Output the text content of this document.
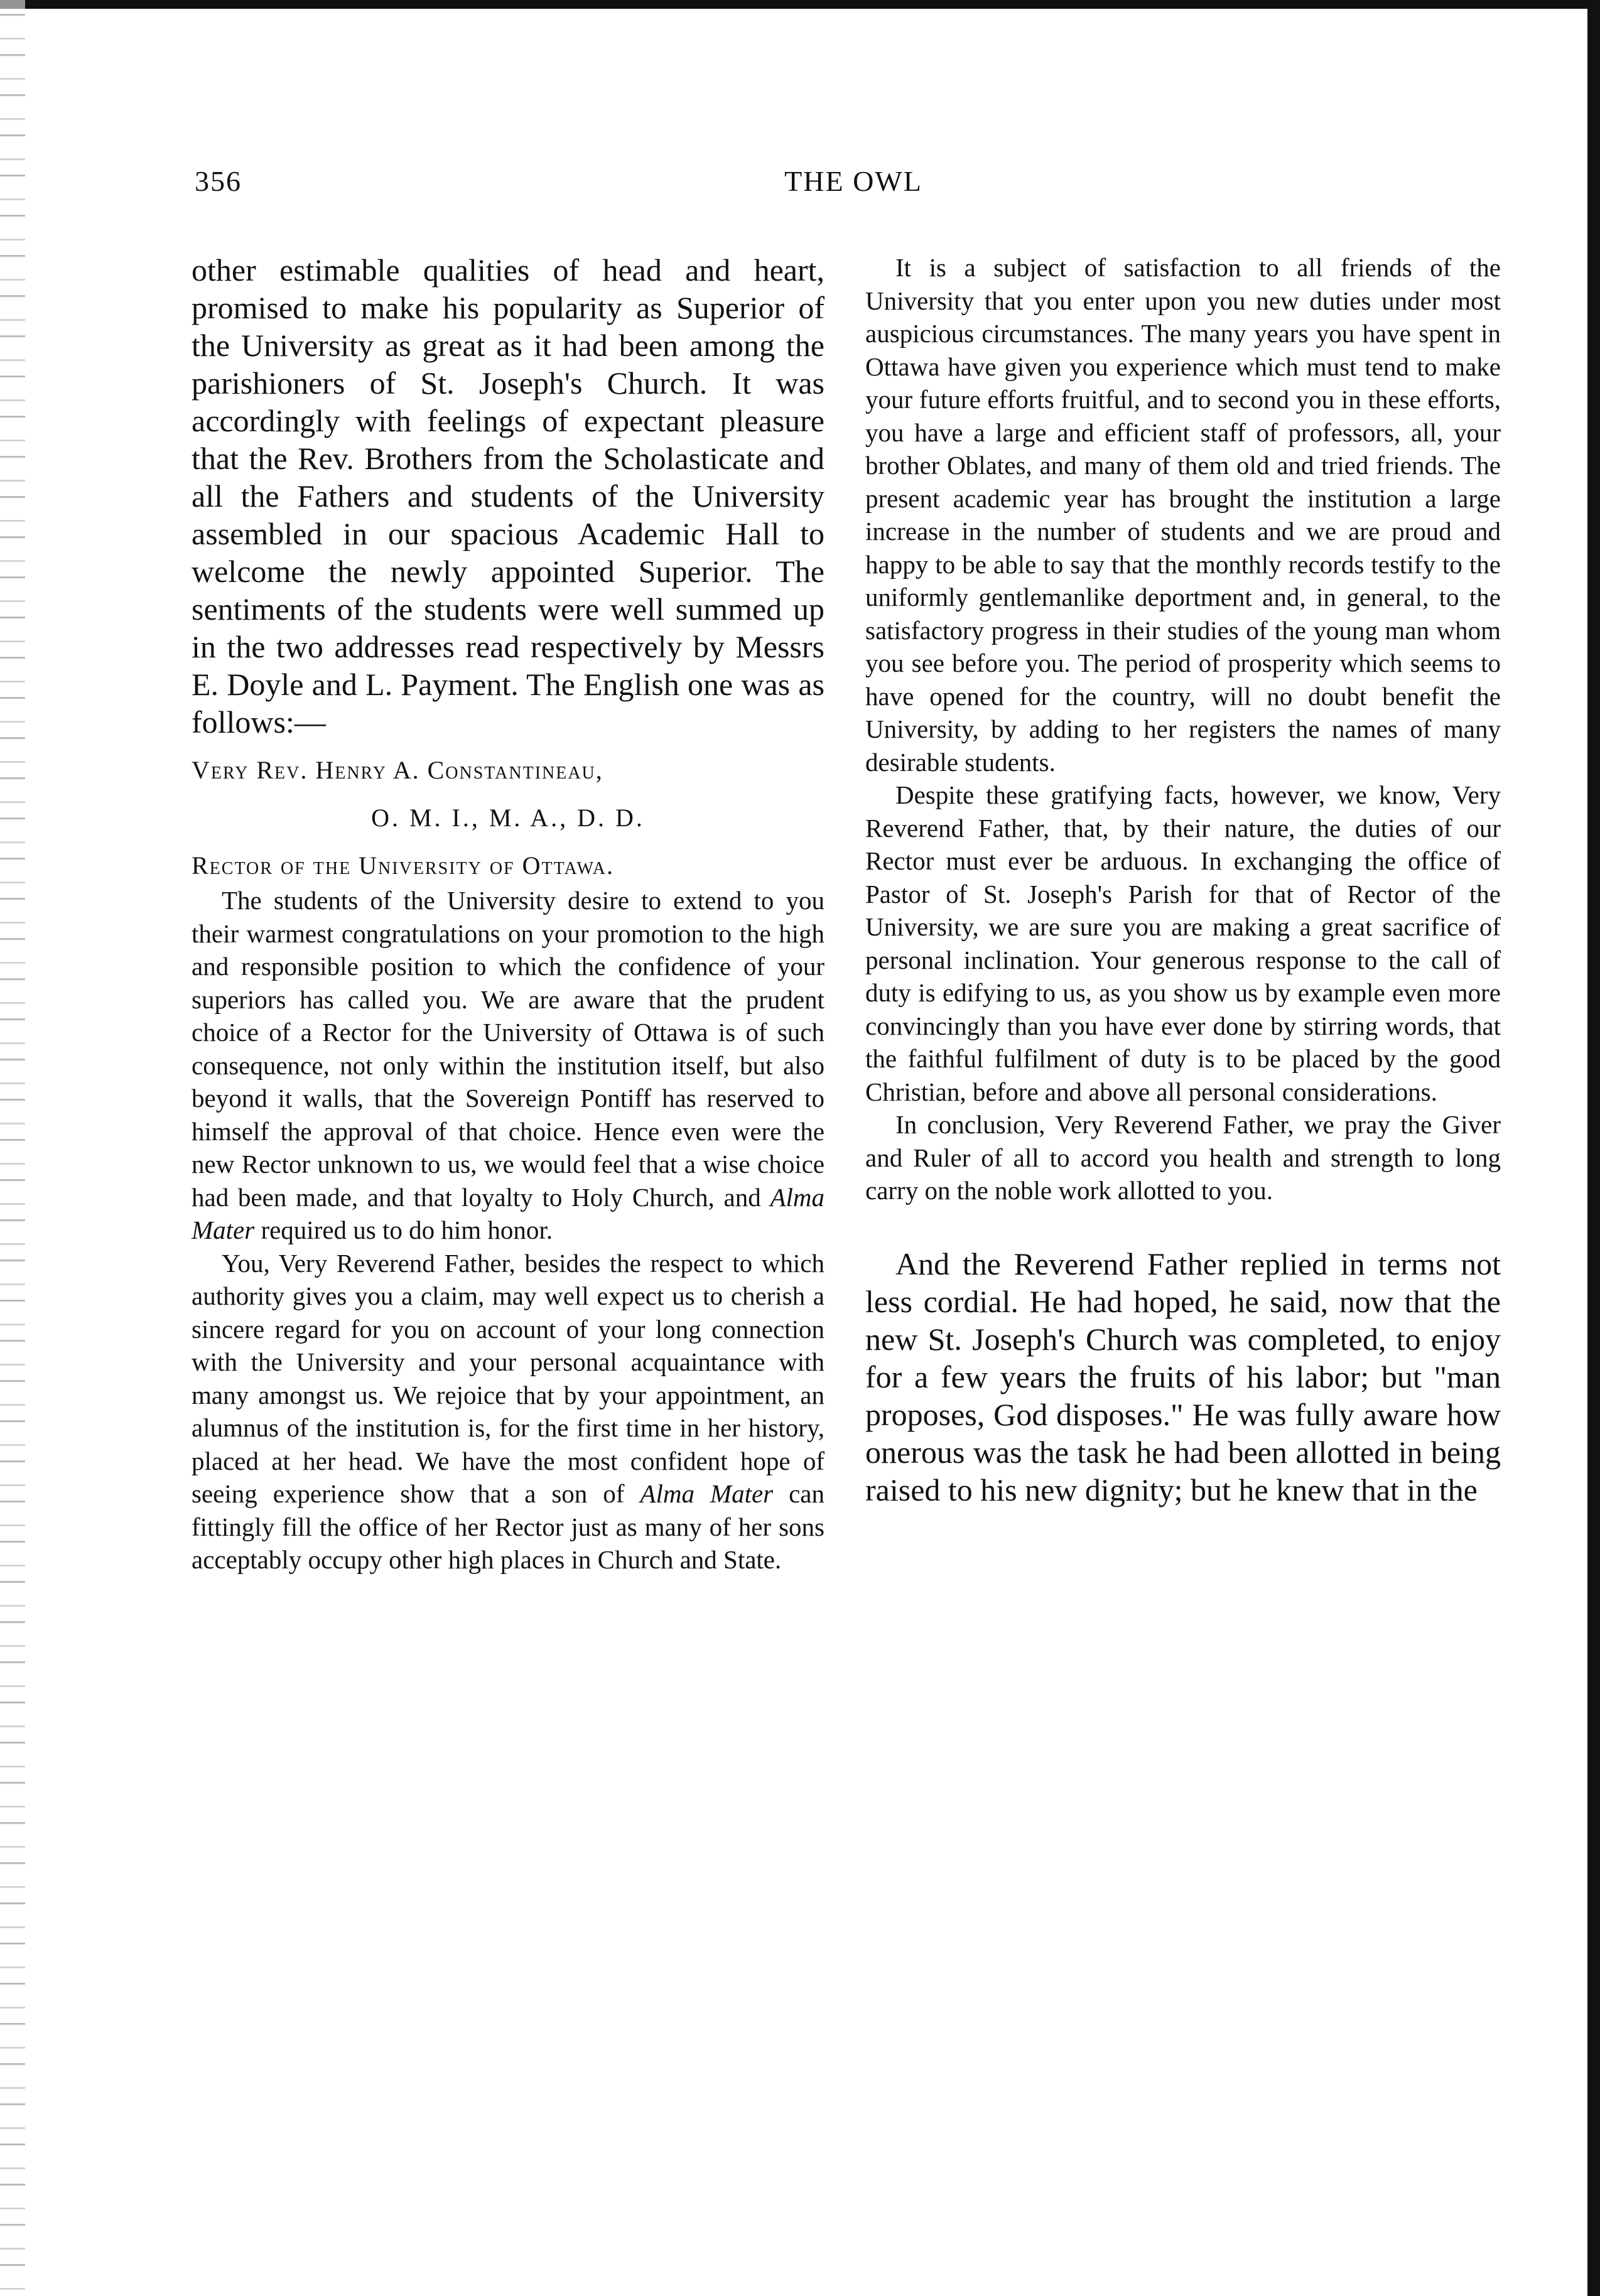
356	THE OWL

other estimable qualities of head and heart, promised to make his popularity as Superior of the University as great as it had been among the parishioners of St. Joseph's Church. It was accordingly with feelings of expectant pleasure that the Rev. Brothers from the Scholasticate and all the Fathers and students of the University assembled in our spacious Academic Hall to welcome the newly appointed Superior. The sentiments of the students were well summed up in the two addresses read respectively by Messrs E. Doyle and L. Payment. The English one was as follows:—

Very Rev. Henry A. Constantineau,
O. M. I., M. A., D. D.
Rector of the University of Ottawa.

The students of the University desire to extend to you their warmest congratulations on your promotion to the high and responsible position to which the confidence of your superiors has called you. We are aware that the prudent choice of a Rector for the University of Ottawa is of such consequence, not only within the institution itself, but also beyond it walls, that the Sovereign Pontiff has reserved to himself the approval of that choice. Hence even were the new Rector unknown to us, we would feel that a wise choice had been made, and that loyalty to Holy Church, and Alma Mater required us to do him honor.

You, Very Reverend Father, besides the respect to which authority gives you a claim, may well expect us to cherish a sincere regard for you on account of your long connection with the University and your personal acquaintance with many amongst us. We rejoice that by your appointment, an alumnus of the institution is, for the first time in her history, placed at her head. We have the most confident hope of seeing experience show that a son of Alma Mater can fittingly fill the office of her Rector just as many of her sons acceptably occupy other high places in Church and State.

It is a subject of satisfaction to all friends of the University that you enter upon you new duties under most auspicious circumstances. The many years you have spent in Ottawa have given you experience which must tend to make your future efforts fruitful, and to second you in these efforts, you have a large and efficient staff of professors, all, your brother Oblates, and many of them old and tried friends. The present academic year has brought the institution a large increase in the number of students and we are proud and happy to be able to say that the monthly records testify to the uniformly gentlemanlike deportment and, in general, to the satisfactory progress in their studies of the young man whom you see before you. The period of prosperity which seems to have opened for the country, will no doubt benefit the University, by adding to her registers the names of many desirable students.

Despite these gratifying facts, however, we know, Very Reverend Father, that, by their nature, the duties of our Rector must ever be arduous. In exchanging the office of Pastor of St. Joseph's Parish for that of Rector of the University, we are sure you are making a great sacrifice of personal inclination. Your generous response to the call of duty is edifying to us, as you show us by example even more convincingly than you have ever done by stirring words, that the faithful fulfilment of duty is to be placed by the good Christian, before and above all personal considerations.

In conclusion, Very Reverend Father, we pray the Giver and Ruler of all to accord you health and strength to long carry on the noble work allotted to you.

And the Reverend Father replied in terms not less cordial. He had hoped, he said, now that the new St. Joseph's Church was completed, to enjoy for a few years the fruits of his labor; but "man proposes, God disposes." He was fully aware how onerous was the task he had been allotted in being raised to his new dignity; but he knew that in the
